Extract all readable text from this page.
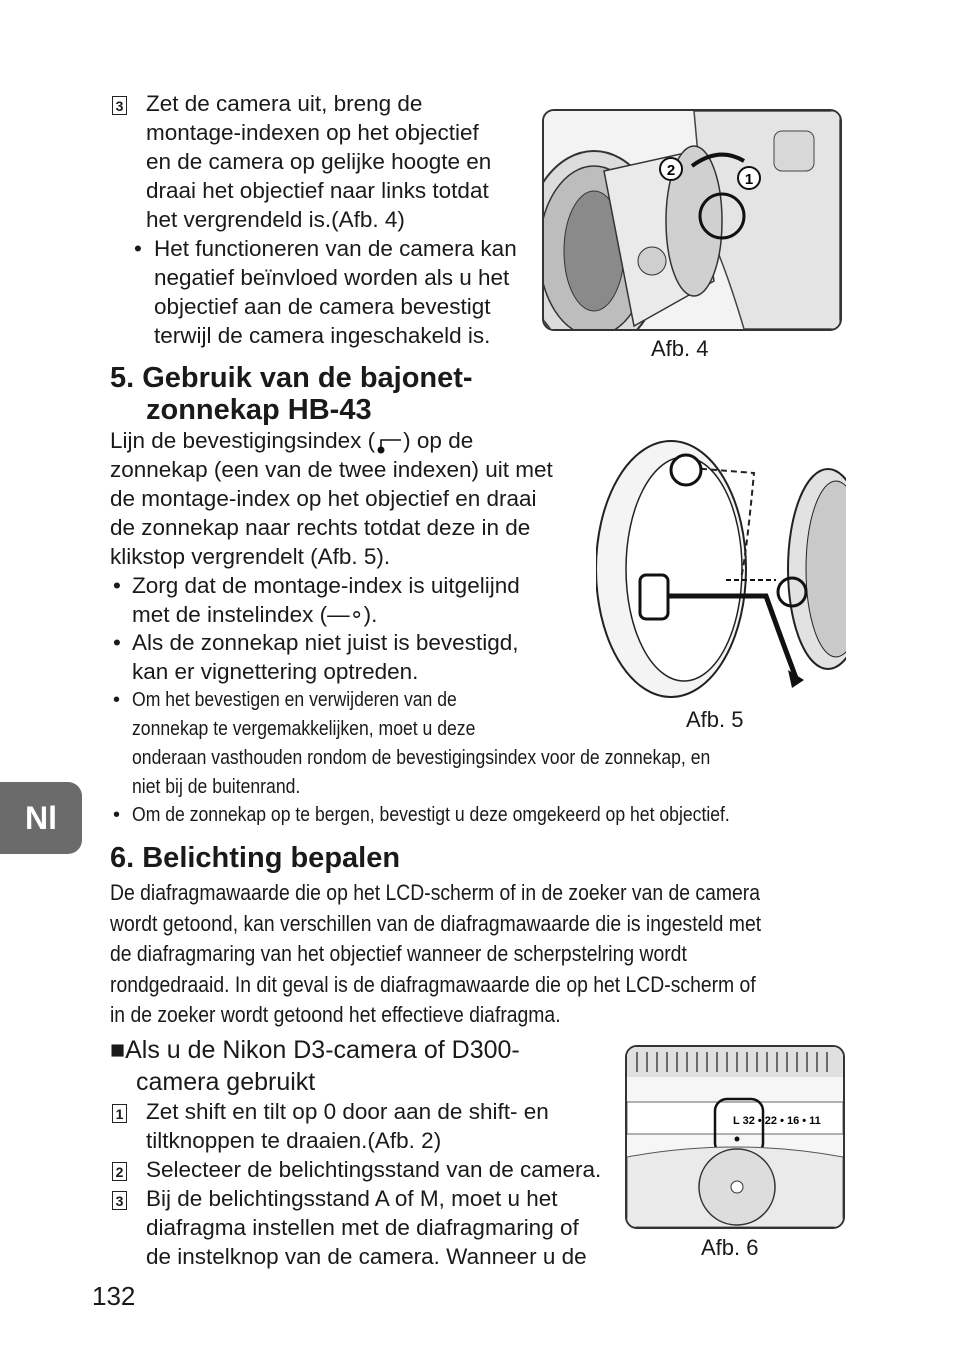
3 Zet de camera uit, breng de
montage-indexen op het objectief
en de camera op gelijke hoogte en
draai het objectief naar links totdat
het vergrendeld is.(Afb. 4)
• Het functioneren van de camera kan
negatief beïnvloed worden als u het
objectief aan de camera bevestigt
terwijl de camera ingeschakeld is.
2
1
Afb. 4
5. Gebruik van de bajonet-
zonnekap HB-43
Lijn de bevestigingsindex ( ) op de
zonnekap (een van de twee indexen) uit met
de montage-index op het objectief en draai
de zonnekap naar rechts totdat deze in de
klikstop vergrendelt (Afb. 5).
• Zorg dat de montage-index is uitgelijnd
met de instelindex (—∘).
• Als de zonnekap niet juist is bevestigd,
kan er vignettering optreden.
• Om het bevestigen en verwijderen van de
zonnekap te vergemakkelijken, moet u deze
onderaan vasthouden rondom de bevestigingsindex voor de zonnekap, en
niet bij de buitenrand.
• Om de zonnekap op te bergen, bevestigt u deze omgekeerd op het objectief.
Afb. 5
Nl
6. Belichting bepalen
De diafragmawaarde die op het LCD-scherm of in de zoeker van de camera
wordt getoond, kan verschillen van de diafragmawaarde die is ingesteld met
de diafragmaring van het objectief wanneer de scherpstelring wordt
rondgedraaid. In dit geval is de diafragmawaarde die op het LCD-scherm of
in de zoeker wordt getoond het effectieve diafragma.
■Als u de Nikon D3-camera of D300-
camera gebruikt
1 Zet shift en tilt op 0 door aan de shift- en
tiltknoppen te draaien.(Afb. 2)
2 Selecteer de belichtingsstand van de camera.
3 Bij de belichtingsstand A of M, moet u het
diafragma instellen met de diafragmaring of
de instelknop van de camera. Wanneer u de
L 32 • 22 • 16 • 11
Afb. 6
132
